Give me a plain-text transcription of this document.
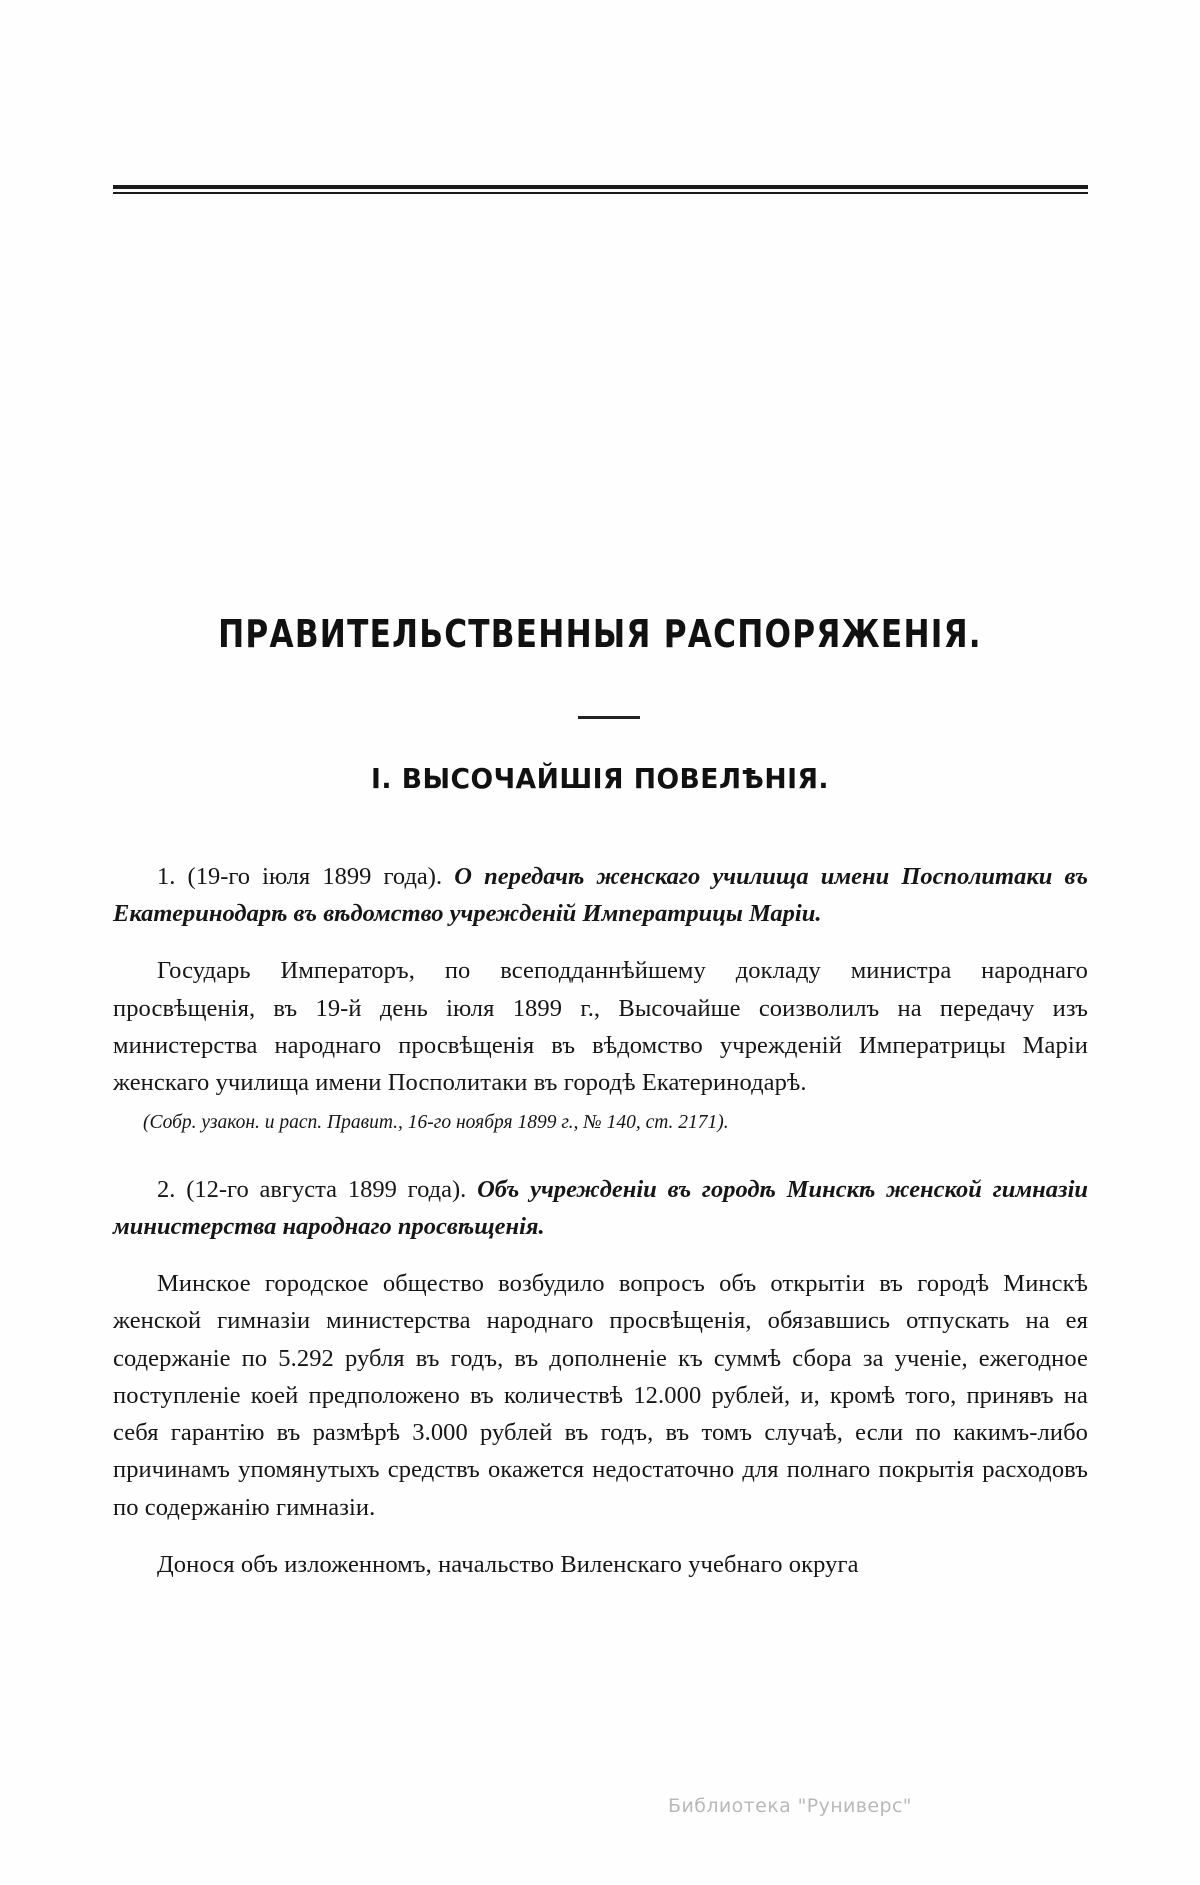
ПРАВИТЕЛЬСТВЕННЫЯ РАСПОРЯЖЕНІЯ.
I. ВЫСОЧАЙШІЯ ПОВЕЛѢНІЯ.

1. (19-го іюля 1899 года). О передачѣ женскаго училища имени Посполитаки въ Екатеринодарѣ въ вѣдомство учрежденій Императрицы Маріи.

Государь Императоръ, по всеподданнѣйшему докладу министра народнаго просвѣщенія, въ 19-й день іюля 1899 г., Высочайше соизволилъ на передачу изъ министерства народнаго просвѣщенія въ вѣдомство учрежденій Императрицы Маріи женскаго училища имени Посполитаки въ городѣ Екатеринодарѣ.

(Собр. узакон. и расп. Правит., 16-го ноября 1899 г., № 140, ст. 2171).

2. (12-го августа 1899 года). Объ учрежденіи въ городѣ Минскѣ женской гимназіи министерства народнаго просвѣщенія.

Минское городское общество возбудило вопросъ объ открытіи въ городѣ Минскѣ женской гимназіи министерства народнаго просвѣщенія, обязавшись отпускать на ея содержаніе по 5.292 рубля въ годъ, въ дополненіе къ суммѣ сбора за ученіе, ежегодное поступленіе коей предположено въ количествѣ 12.000 рублей, и, кромѣ того, принявъ на себя гарантію въ размѣрѣ 3.000 рублей въ годъ, въ томъ случаѣ, если по какимъ-либо причинамъ упомянутыхъ средствъ окажется недостаточно для полнаго покрытія расходовъ по содержанію гимназіи.

Донося объ изложенномъ, начальство Виленскаго учебнаго округа

Библиотека "Руниверс"
